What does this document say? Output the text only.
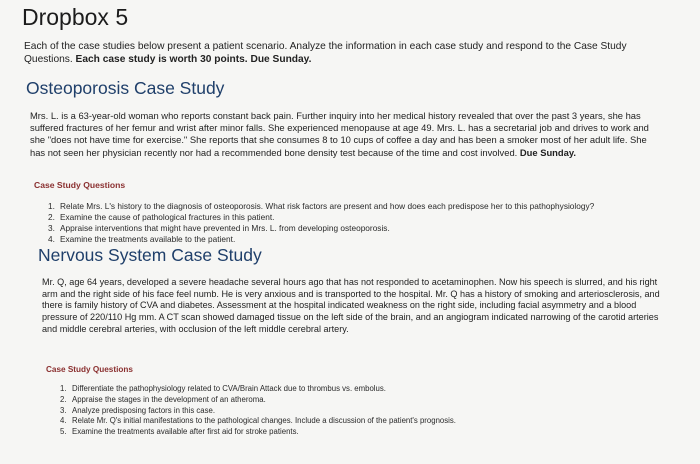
Dropbox 5

Each of the case studies below present a patient scenario. Analyze the information in each case study and respond to the Case Study Questions. Each case study is worth 30 points. Due Sunday.

Osteoporosis Case Study

Mrs. L. is a 63-year-old woman who reports constant back pain. Further inquiry into her medical history revealed that over the past 3 years, she has suffered fractures of her femur and wrist after minor falls. She experienced menopause at age 49. Mrs. L. has a secretarial job and drives to work and she "does not have time for exercise." She reports that she consumes 8 to 10 cups of coffee a day and has been a smoker most of her adult life. She has not seen her physician recently nor had a recommended bone density test because of the time and cost involved. Due Sunday.

Case Study Questions

1. Relate Mrs. L's history to the diagnosis of osteoporosis. What risk factors are present and how does each predispose her to this pathophysiology?
2. Examine the cause of pathological fractures in this patient.
3. Appraise interventions that might have prevented in Mrs. L. from developing osteoporosis.
4. Examine the treatments available to the patient.
Nervous System Case Study

Mr. Q, age 64 years, developed a severe headache several hours ago that has not responded to acetaminophen. Now his speech is slurred, and his right arm and the right side of his face feel numb. He is very anxious and is transported to the hospital. Mr. Q has a history of smoking and arteriosclerosis, and there is family history of CVA and diabetes. Assessment at the hospital indicated weakness on the right side, including facial asymmetry and a blood pressure of 220/110 Hg mm. A CT scan showed damaged tissue on the left side of the brain, and an angiogram indicated narrowing of the carotid arteries and middle cerebral arteries, with occlusion of the left middle cerebral artery.

Case Study Questions

1. Differentiate the pathophysiology related to CVA/Brain Attack due to thrombus vs. embolus.
2. Appraise the stages in the development of an atheroma.
3. Analyze predisposing factors in this case.
4. Relate Mr. Q's initial manifestations to the pathological changes. Include a discussion of the patient's prognosis.
5. Examine the treatments available after first aid for stroke patients.
